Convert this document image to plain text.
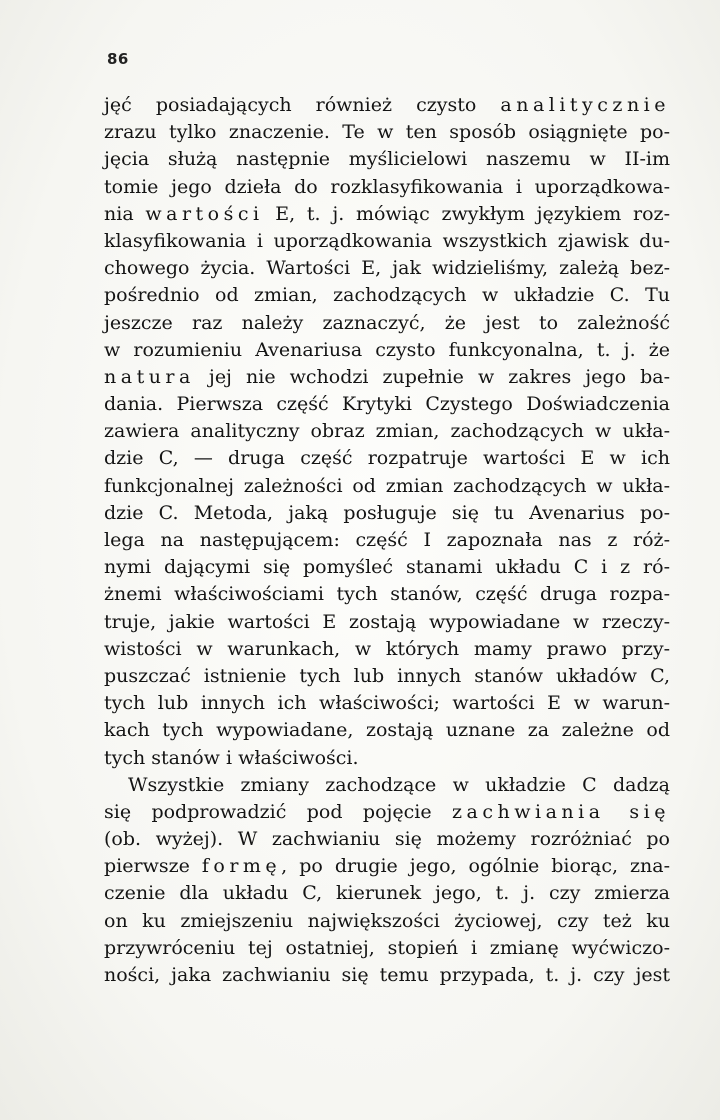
86
jęć posiadających również czysto analitycznie
zrazu tylko znaczenie. Te w ten sposób osiągnięte po-
jęcia służą następnie myślicielowi naszemu w II-im
tomie jego dzieła do rozklasyfikowania i uporządkowa-
nia wartości E, t. j. mówiąc zwykłym językiem roz-
klasyfikowania i uporządkowania wszystkich zjawisk du-
chowego życia. Wartości E, jak widzieliśmy, zależą bez-
pośrednio od zmian, zachodzących w układzie C. Tu
jeszcze raz należy zaznaczyć, że jest to zależność
w rozumieniu Avenariusa czysto funkcyonalna, t. j. że
natura jej nie wchodzi zupełnie w zakres jego ba-
dania. Pierwsza część Krytyki Czystego Doświadczenia
zawiera analityczny obraz zmian, zachodzących w ukła-
dzie C, — druga część rozpatruje wartości E w ich
funkcjonalnej zależności od zmian zachodzących w ukła-
dzie C. Metoda, jaką posługuje się tu Avenarius po-
lega na następującem: część I zapoznała nas z róż-
nymi dającymi się pomyśleć stanami układu C i z ró-
żnemi właściwościami tych stanów, część druga rozpa-
truje, jakie wartości E zostają wypowiadane w rzeczy-
wistości w warunkach, w których mamy prawo przy-
puszczać istnienie tych lub innych stanów układów C,
tych lub innych ich właściwości; wartości E w warun-
kach tych wypowiadane, zostają uznane za zależne od
tych stanów i właściwości.
Wszystkie zmiany zachodzące w układzie C dadzą
się podprowadzić pod pojęcie zachwiania się
(ob. wyżej). W zachwianiu się możemy rozróżniać po
pierwsze formę, po drugie jego, ogólnie biorąc, zna-
czenie dla układu C, kierunek jego, t. j. czy zmierza
on ku zmiejszeniu największości życiowej, czy też ku
przywróceniu tej ostatniej, stopień i zmianę wyćwiczo-
ności, jaka zachwianiu się temu przypada, t. j. czy jest
